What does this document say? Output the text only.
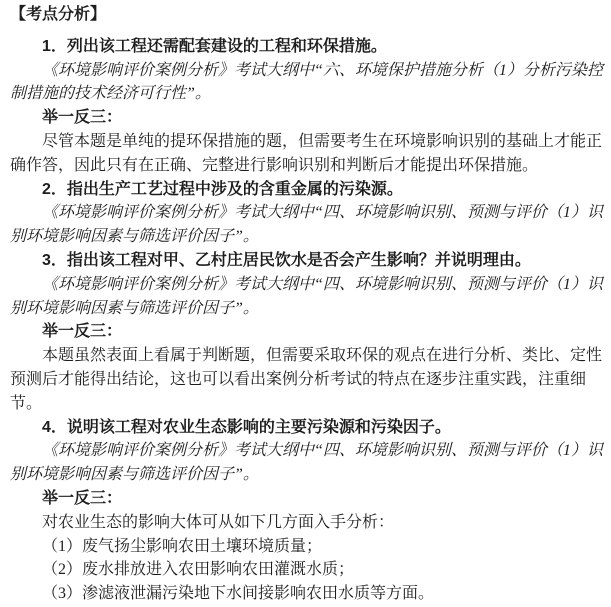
【考点分析】

1．列出该工程还需配套建设的工程和环保措施。

《环境影响评价案例分析》考试大纲中“六、环境保护措施分析（1）分析污染控制措施的技术经济可行性”。

举一反三：

尽管本题是单纯的提环保措施的题，但需要考生在环境影响识别的基础上才能正确作答，因此只有在正确、完整进行影响识别和判断后才能提出环保措施。

2．指出生产工艺过程中涉及的含重金属的污染源。

《环境影响评价案例分析》考试大纲中“四、环境影响识别、预测与评价（1）识别环境影响因素与筛选评价因子”。

3．指出该工程对甲、乙村庄居民饮水是否会产生影响？并说明理由。

《环境影响评价案例分析》考试大纲中“四、环境影响识别、预测与评价（1）识别环境影响因素与筛选评价因子”。

举一反三：

本题虽然表面上看属于判断题，但需要采取环保的观点在进行分析、类比、定性预测后才能得出结论，这也可以看出案例分析考试的特点在逐步注重实践，注重细节。

4．说明该工程对农业生态影响的主要污染源和污染因子。

《环境影响评价案例分析》考试大纲中“四、环境影响识别、预测与评价（1）识别环境影响因素与筛选评价因子”。

举一反三：

对农业生态的影响大体可从如下几方面入手分析：

（1）废气扬尘影响农田土壤环境质量；

（2）废水排放进入农田影响农田灌溉水质；

（3）渗滤液泄漏污染地下水间接影响农田水质等方面。
